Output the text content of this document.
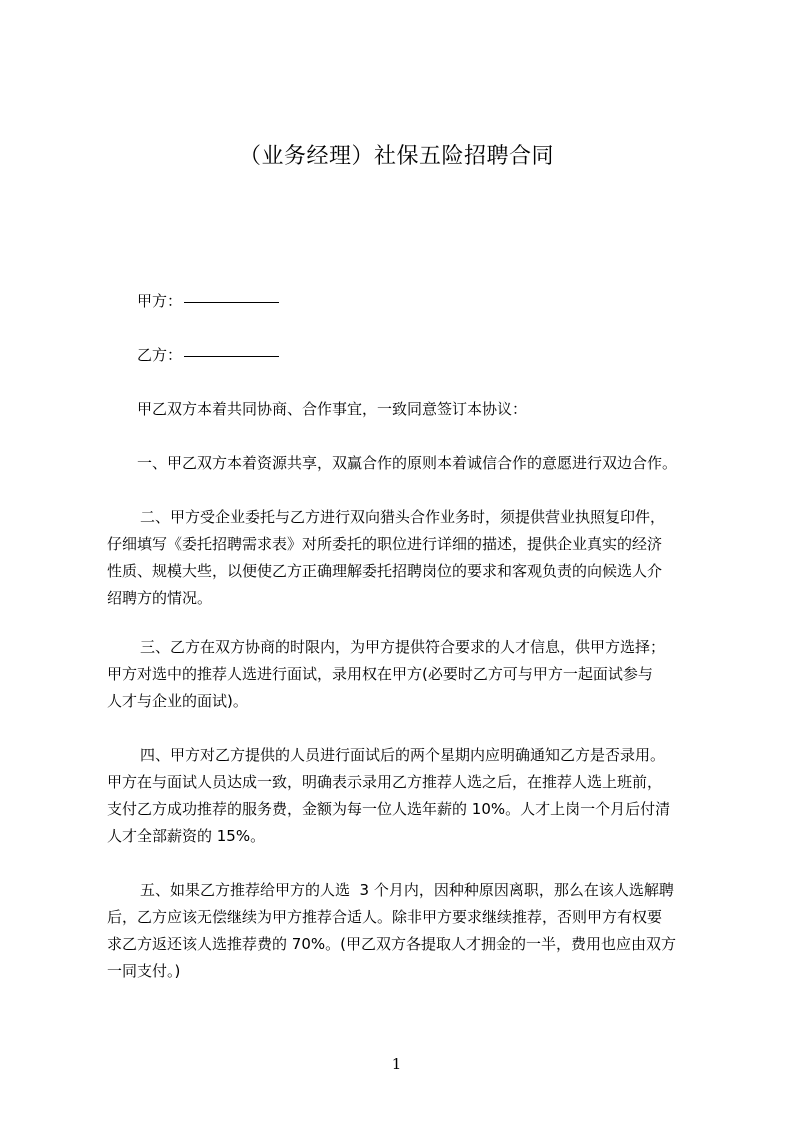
（业务经理）社保五险招聘合同
甲方：
乙方：
甲乙双方本着共同协商、合作事宜，一致同意签订本协议：
一、甲乙双方本着资源共享，双赢合作的原则本着诚信合作的意愿进行双边合作。
二、甲方受企业委托与乙方进行双向猎头合作业务时，须提供营业执照复印件，
仔细填写《委托招聘需求表》对所委托的职位进行详细的描述，提供企业真实的经济
性质、规模大些，以便使乙方正确理解委托招聘岗位的要求和客观负责的向候选人介
绍聘方的情况。
三、乙方在双方协商的时限内，为甲方提供符合要求的人才信息，供甲方选择；
甲方对选中的推荐人选进行面试，录用权在甲方(必要时乙方可与甲方一起面试参与
人才与企业的面试)。
四、甲方对乙方提供的人员进行面试后的两个星期内应明确通知乙方是否录用。
甲方在与面试人员达成一致，明确表示录用乙方推荐人选之后，在推荐人选上班前，
支付乙方成功推荐的服务费，金额为每一位人选年薪的 10%。人才上岗一个月后付清
人才全部薪资的 15%。
五、如果乙方推荐给甲方的人选  3 个月内，因种种原因离职，那么在该人选解聘
后，乙方应该无偿继续为甲方推荐合适人。除非甲方要求继续推荐，否则甲方有权要
求乙方返还该人选推荐费的 70%。(甲乙双方各提取人才拥金的一半，费用也应由双方
一同支付。)
1
